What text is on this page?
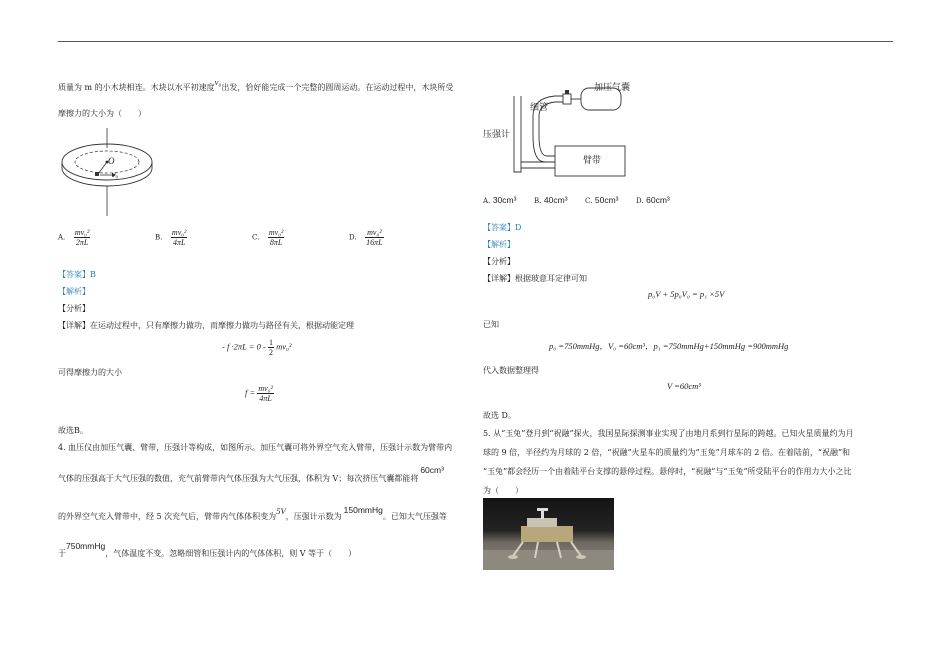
质量为 m 的小木块相连。木块以水平初速度v₀出发，恰好能完成一个完整的圆周运动。在运动过程中，木块所受
摩擦力的大小为（　　）
O
v₀
A. $\frac{\text{mv₀²}}{2\pi L}$	B. $\frac{\text{mv₀²}}{4\pi L}$	C. $\frac{\text{mv₀²}}{8\pi L}$	D. $\frac{\text{mv₀²}}{16\pi L}$
【答案】B
【解析】
【分析】
【详解】在运动过程中，只有摩擦力做功，而摩擦力做功与路径有关，根据动能定理
- $f \cdot 2\pi L = 0 - \frac{1}{2} mv_0^2$
可得摩擦力的大小
$f = \frac{\text{mv₀²}}{4\pi L}$
故选B。
4. 血压仪由加压气囊、臂带，压强计等构成，如图所示。加压气囊可将外界空气充入臂带，压强计示数为臂带内
气体的压强高于大气压强的数值，充气前臂带内气体压强为大气压强，体积为 V；每次挤压气囊都能将60cm³
的外界空气充入臂带中，经 5 次充气后，臂带内气体体积变为5V，压强计示数为150mmHg。已知大气压强等
于750mmHg，气体温度不变。忽略细管和压强计内的气体体积，则 V 等于（　　）
加压气囊
细管
压强计
臂带
A. 30cm³	B. 40cm³ C. 50cm³ D. 60cm³
【答案】D
【解析】
【分析】
【详解】根据玻意耳定律可知
p₀V + 5p₀V₀ = p₁ ×5V
已知
p₀ =750mmHg，V₀ =60cm³，p₁ =750mmHg+150mmHg =900mmHg
代入数据整理得
V =60cm³
故选 D。
5. 从“玉兔”登月到“祝融”探火，我国星际探测事业实现了由地月系到行星际的跨越。已知火星质量约为月
球的 9 倍，半径约为月球的 2 倍，“祝融”火星车的质量约为“玉兔”月球车的 2 倍。在着陆前，“祝融”和
“玉兔”都会经历一个由着陆平台支撑的悬停过程。悬停时，“祝融”与“玉兔”所受陆平台的作用力大小之比
为（　　）
